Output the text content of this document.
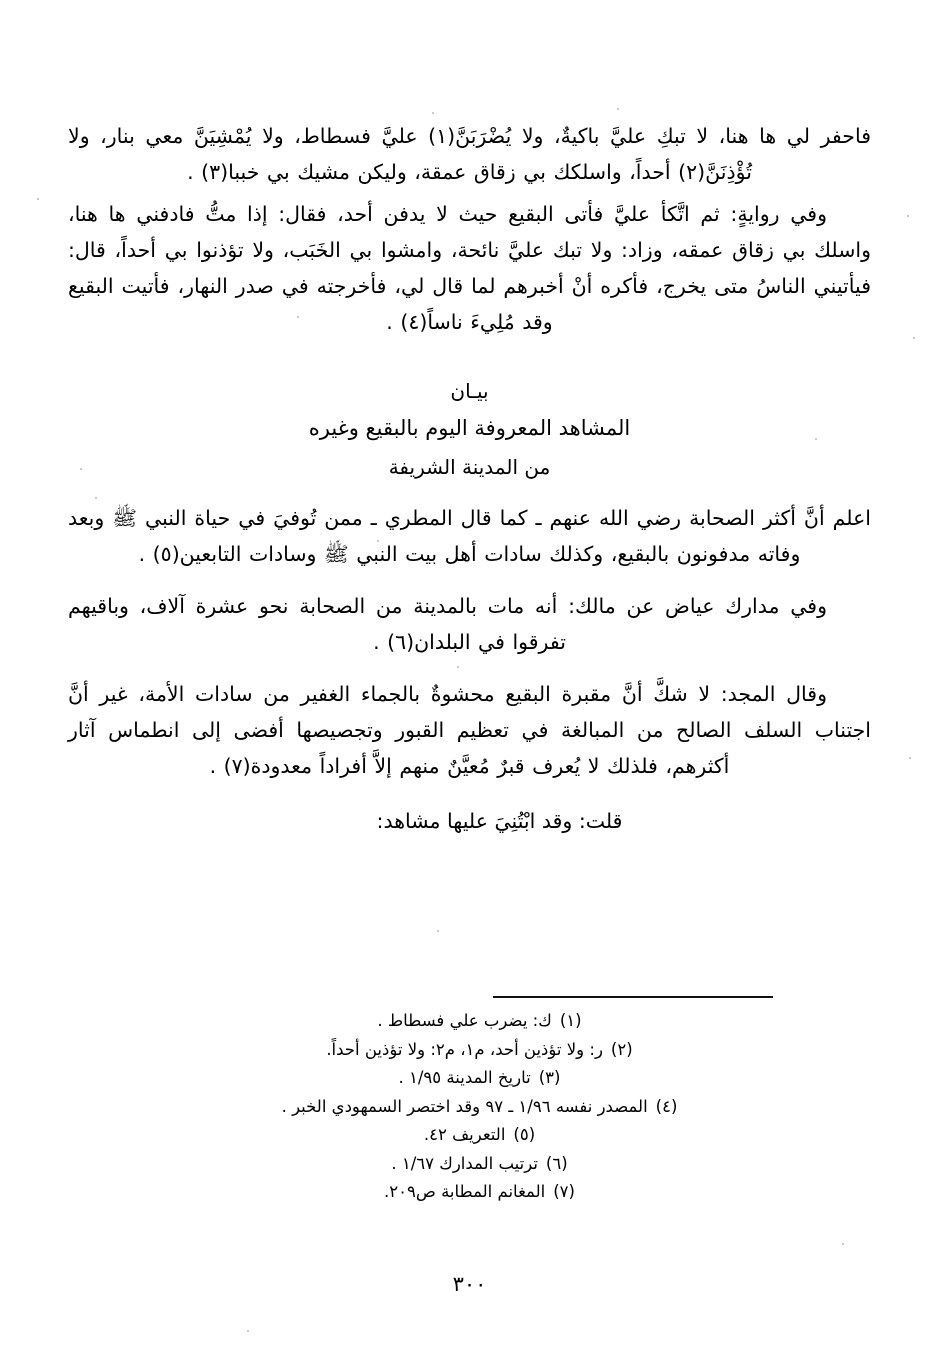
فاحفر لي ها هنا، لا تبكِ عليَّ باكيةٌ، ولا يُضْرَبَنَّ(١) عليَّ فسطاط، ولا يُمْشِيَنَّ معي بنار، ولا تُؤْذِنَنَّ(٢) أحداً، واسلكك بي زقاق عمقة، وليكن مشيك بي خببا(٣) .

وفي روايةٍ: ثم اتَّكأ عليَّ فأتى البقيع حيث لا يدفن أحد، فقال: إذا متُّ فادفني ها هنا، واسلك بي زقاق عمقه، وزاد: ولا تبك عليَّ نائحة، وامشوا بي الخَبَب، ولا تؤذنوا بي أحداً، قال: فيأتيني الناسُ متى يخرج، فأكره أنْ أخبرهم لما قال لي، فأخرجته في صدر النهار، فأتيت البقيع وقد مُلِيءَ ناساً(٤) .

بيـان

المشاهد المعروفة اليوم بالبقيع وغيره

من المدينة الشريفة

اعلم أنَّ أكثر الصحابة رضي الله عنهم ـ كما قال المطري ـ ممن تُوفيَ في حياة النبي ﷺ وبعد وفاته مدفونون بالبقيع، وكذلك سادات أهل بيت النبي ﷺ وسادات التابعين(٥) .

وفي مدارك عياض عن مالك: أنه مات بالمدينة من الصحابة نحو عشرة آلاف، وباقيهم تفرقوا في البلدان(٦) .

وقال المجد: لا شكَّ أنَّ مقبرة البقيع محشوةٌ بالجماء الغفير من سادات الأمة، غير أنَّ اجتناب السلف الصالح من المبالغة في تعظيم القبور وتجصيصها أفضى إلى انطماس آثار أكثرهم، فلذلك لا يُعرف قبرٌ مُعيَّنٌ منهم إلاَّ أفراداً معدودة(٧) .

قلت: وقد ابْتُنِيَ عليها مشاهد:

(١)ك: يضرب علي فسطاط .
(٢)ر: ولا تؤذين أحد، م١، م٢: ولا تؤذين أحداً.
(٣)تاريخ المدينة ١/٩٥ .
(٤)المصدر نفسه ١/٩٦ ـ ٩٧ وقد اختصر السمهودي الخبر .
(٥)التعريف ٤٢.
(٦)ترتيب المدارك ١/٦٧ .
(٧)المغانم المطابة ص٢٠٩.
٣٠٠
